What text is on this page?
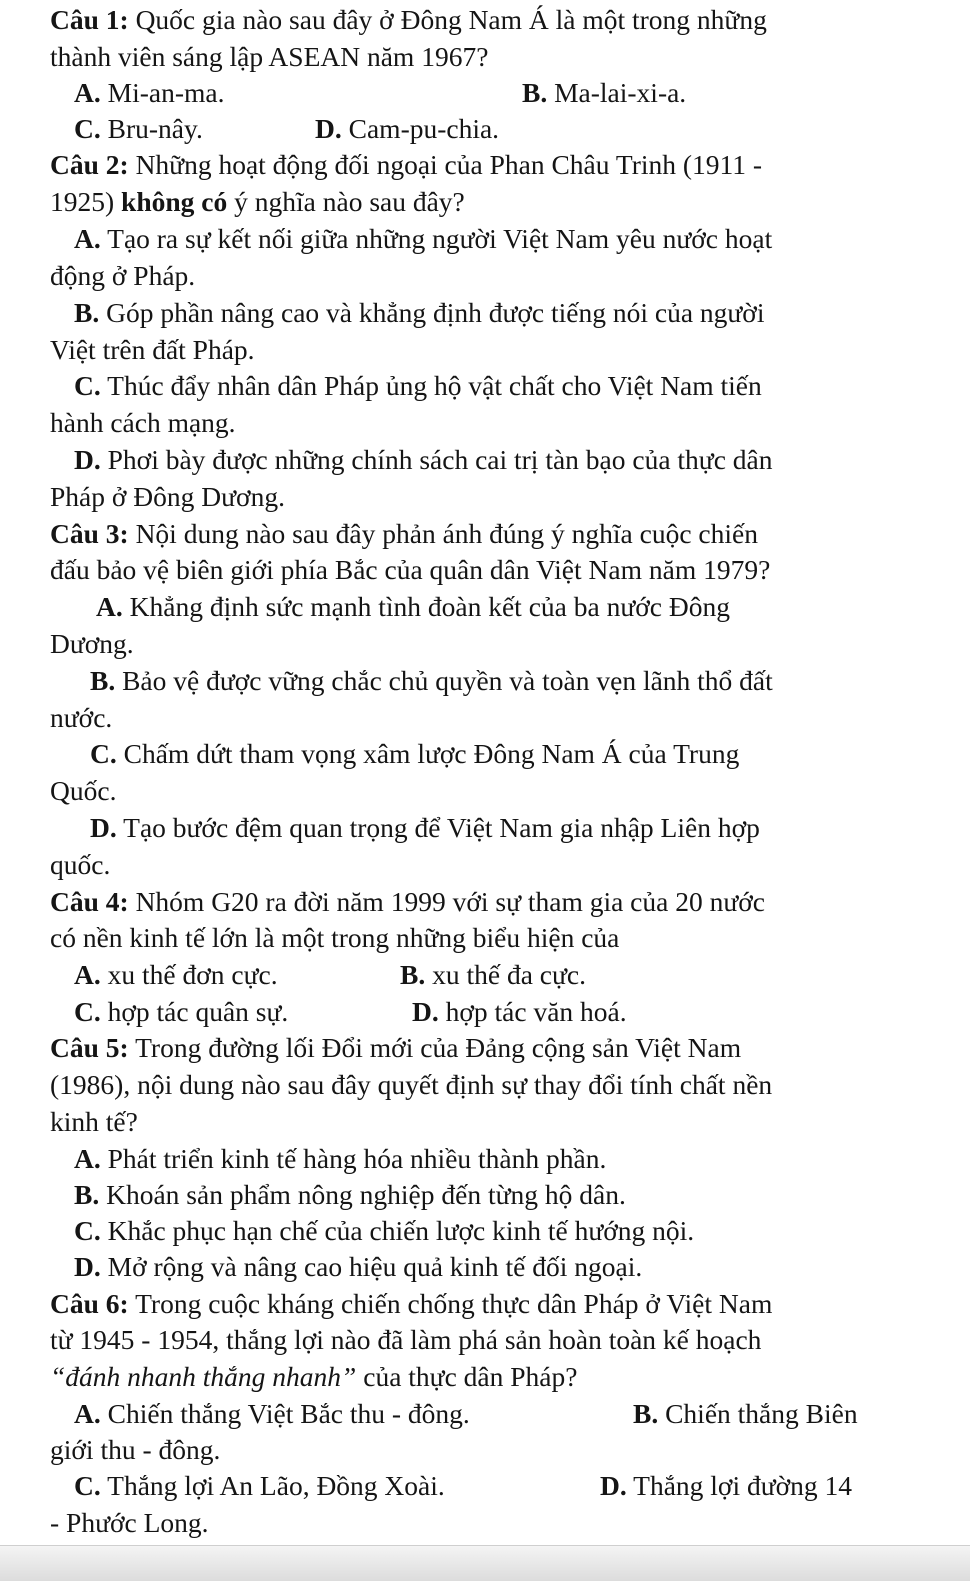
Câu 1: Quốc gia nào sau đây ở Đông Nam Á là một trong những
thành viên sáng lập ASEAN năm 1967?
A. Mi-an-ma.	B. Ma-lai-xi-a.
C. Bru-nây.	D. Cam-pu-chia.
Câu 2: Những hoạt động đối ngoại của Phan Châu Trinh (1911 -
1925) không có ý nghĩa nào sau đây?
A. Tạo ra sự kết nối giữa những người Việt Nam yêu nước hoạt
động ở Pháp.
B. Góp phần nâng cao và khẳng định được tiếng nói của người
Việt trên đất Pháp.
C. Thúc đẩy nhân dân Pháp ủng hộ vật chất cho Việt Nam tiến
hành cách mạng.
D. Phơi bày được những chính sách cai trị tàn bạo của thực dân
Pháp ở Đông Dương.
Câu 3: Nội dung nào sau đây phản ánh đúng ý nghĩa cuộc chiến
đấu bảo vệ biên giới phía Bắc của quân dân Việt Nam năm 1979?
A. Khẳng định sức mạnh tình đoàn kết của ba nước Đông
Dương.
B. Bảo vệ được vững chắc chủ quyền và toàn vẹn lãnh thổ đất
nước.
C. Chấm dứt tham vọng xâm lược Đông Nam Á của Trung
Quốc.
D. Tạo bước đệm quan trọng để Việt Nam gia nhập Liên hợp
quốc.
Câu 4: Nhóm G20 ra đời năm 1999 với sự tham gia của 20 nước
có nền kinh tế lớn là một trong những biểu hiện của
A. xu thế đơn cực.	B. xu thế đa cực.
C. hợp tác quân sự.	D. hợp tác văn hoá.
Câu 5: Trong đường lối Đổi mới của Đảng cộng sản Việt Nam
(1986), nội dung nào sau đây quyết định sự thay đổi tính chất nền
kinh tế?
A. Phát triển kinh tế hàng hóa nhiều thành phần.
B. Khoán sản phẩm nông nghiệp đến từng hộ dân.
C. Khắc phục hạn chế của chiến lược kinh tế hướng nội.
D. Mở rộng và nâng cao hiệu quả kinh tế đối ngoại.
Câu 6: Trong cuộc kháng chiến chống thực dân Pháp ở Việt Nam
từ 1945 - 1954, thắng lợi nào đã làm phá sản hoàn toàn kế hoạch
“đánh nhanh thắng nhanh” của thực dân Pháp?
A. Chiến thắng Việt Bắc thu - đông.	B. Chiến thắng Biên
giới thu - đông.
C. Thắng lợi An Lão, Đồng Xoài.	D. Thắng lợi đường 14
- Phước Long.
